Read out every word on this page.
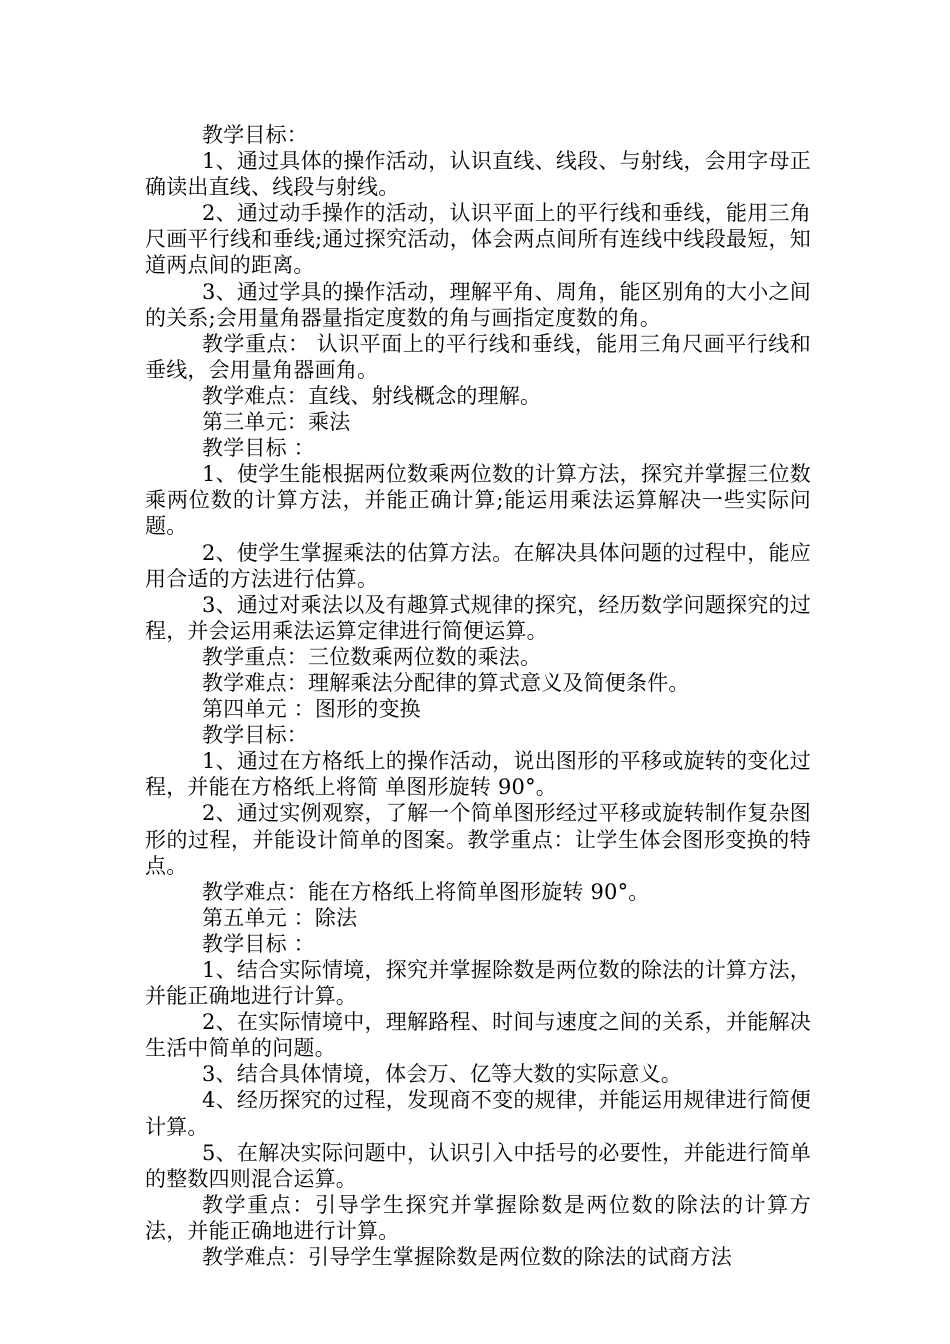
教学目标：

1、通过具体的操作活动，认识直线、线段、与射线，会用字母正确读出直线、线段与射线。

2、通过动手操作的活动，认识平面上的平行线和垂线，能用三角尺画平行线和垂线;通过探究活动，体会两点间所有连线中线段最短，知道两点间的距离。

3、通过学具的操作活动，理解平角、周角，能区别角的大小之间的关系;会用量角器量指定度数的角与画指定度数的角。

教学重点： 认识平面上的平行线和垂线，能用三角尺画平行线和垂线，会用量角器画角。

教学难点：直线、射线概念的理解。

第三单元：乘法

教学目标 ：

1、使学生能根据两位数乘两位数的计算方法，探究并掌握三位数乘两位数的计算方法，并能正确计算;能运用乘法运算解决一些实际问题。

2、使学生掌握乘法的估算方法。在解决具体问题的过程中，能应用合适的方法进行估算。

3、通过对乘法以及有趣算式规律的探究，经历数学问题探究的过程，并会运用乘法运算定律进行简便运算。

教学重点：三位数乘两位数的乘法。

教学难点：理解乘法分配律的算式意义及简便条件。

第四单元 ：图形的变换

教学目标：

1、通过在方格纸上的操作活动，说出图形的平移或旋转的变化过程，并能在方格纸上将简 单图形旋转 90°。

2、通过实例观察，了解一个简单图形经过平移或旋转制作复杂图形的过程，并能设计简单的图案。教学重点：让学生体会图形变换的特点。

教学难点：能在方格纸上将简单图形旋转 90°。

第五单元 ：除法

教学目标 ：

1、结合实际情境，探究并掌握除数是两位数的除法的计算方法，并能正确地进行计算。

2、在实际情境中，理解路程、时间与速度之间的关系，并能解决生活中简单的问题。

3、结合具体情境，体会万、亿等大数的实际意义。

4、经历探究的过程，发现商不变的规律，并能运用规律进行简便计算。

5、在解决实际问题中，认识引入中括号的必要性，并能进行简单的整数四则混合运算。

教学重点：引导学生探究并掌握除数是两位数的除法的计算方法，并能正确地进行计算。

教学难点：引导学生掌握除数是两位数的除法的试商方法
